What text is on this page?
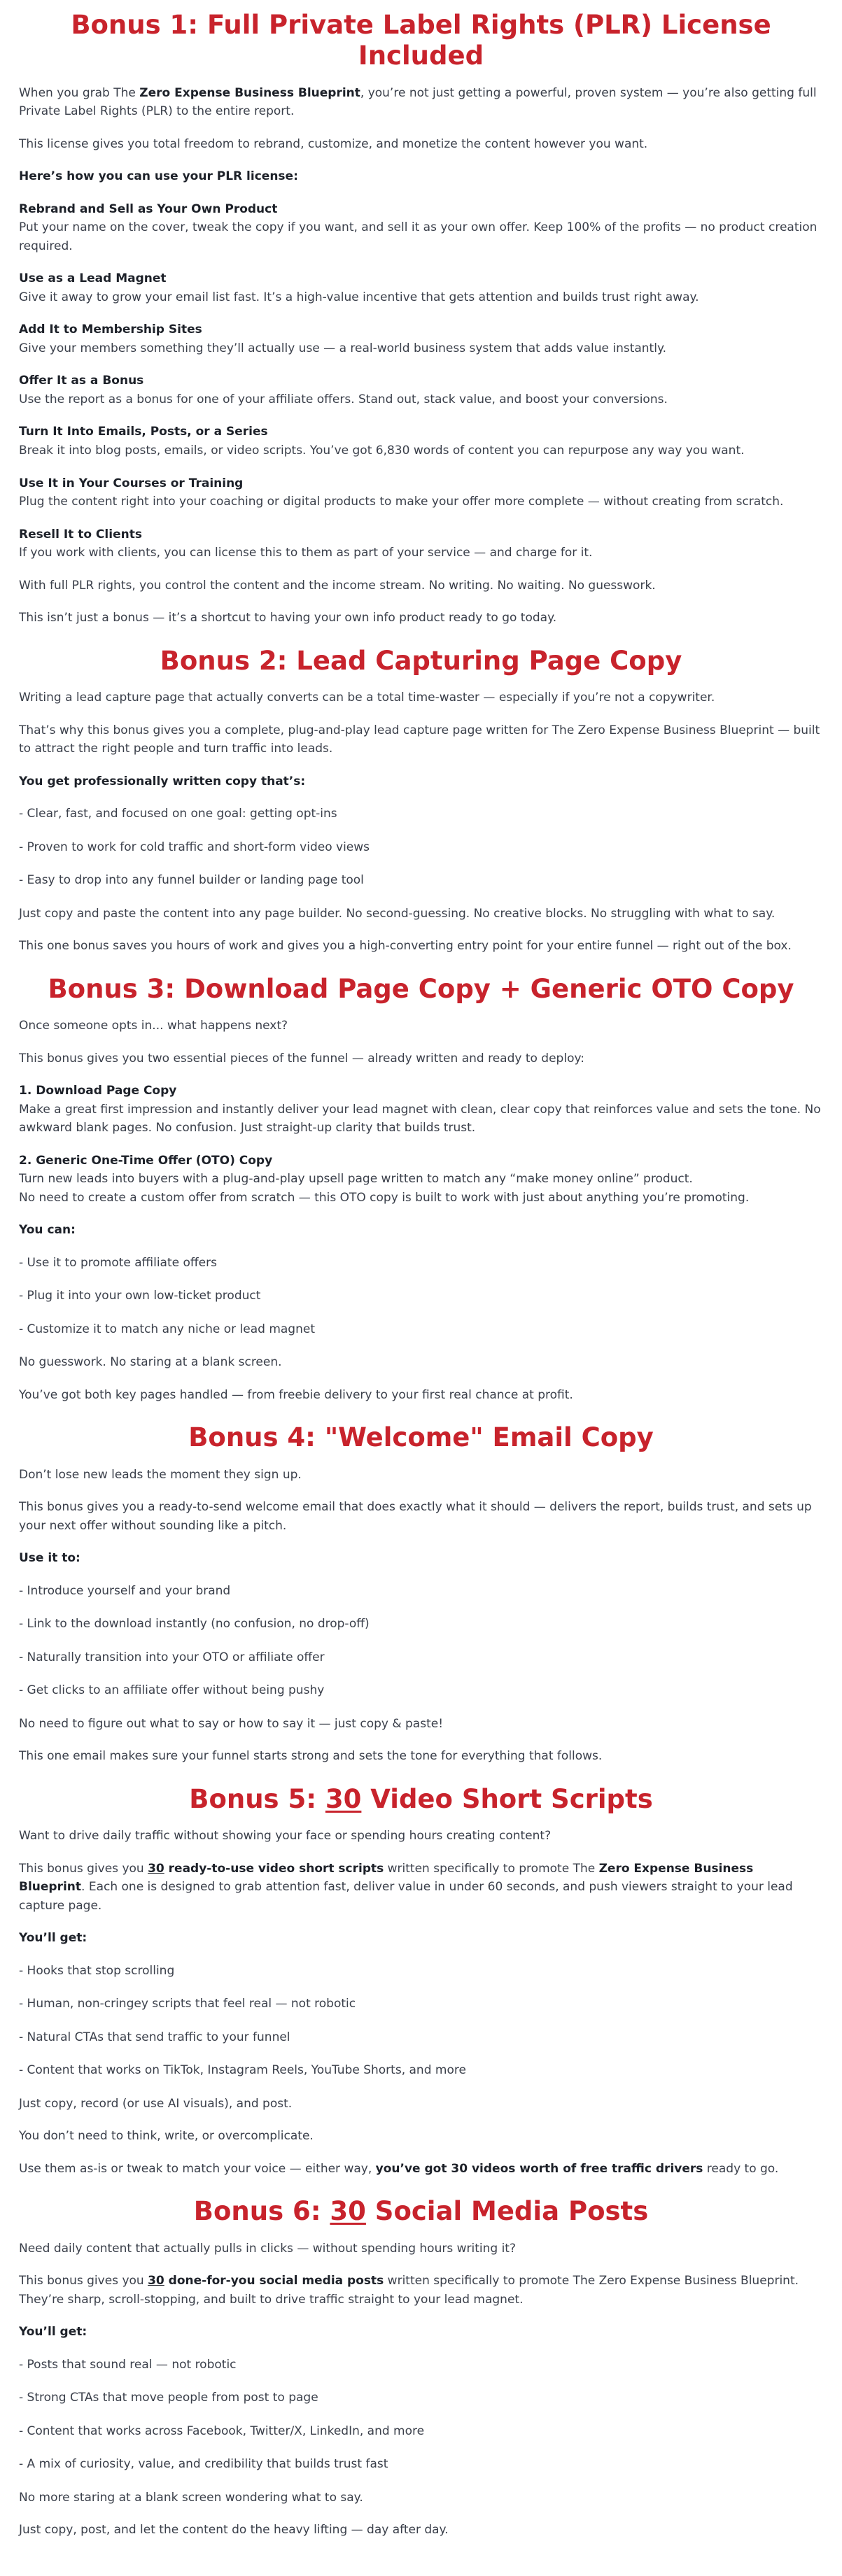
Bonus 1: Full Private Label Rights (PLR) License Included

When you grab The Zero Expense Business Blueprint, you’re not just getting a powerful, proven system — you’re also getting full Private Label Rights (PLR) to the entire report.

This license gives you total freedom to rebrand, customize, and monetize the content however you want.

Here’s how you can use your PLR license:

Rebrand and Sell as Your Own Product
Put your name on the cover, tweak the copy if you want, and sell it as your own offer. Keep 100% of the profits — no product creation required.
Use as a Lead Magnet
Give it away to grow your email list fast. It’s a high-value incentive that gets attention and builds trust right away.
Add It to Membership Sites
Give your members something they’ll actually use — a real-world business system that adds value instantly.
Offer It as a Bonus
Use the report as a bonus for one of your affiliate offers. Stand out, stack value, and boost your conversions.
Turn It Into Emails, Posts, or a Series
Break it into blog posts, emails, or video scripts. You’ve got 6,830 words of content you can repurpose any way you want.
Use It in Your Courses or Training
Plug the content right into your coaching or digital products to make your offer more complete — without creating from scratch.
Resell It to Clients
If you work with clients, you can license this to them as part of your service — and charge for it.

With full PLR rights, you control the content and the income stream. No writing. No waiting. No guesswork.

This isn’t just a bonus — it’s a shortcut to having your own info product ready to go today.

Bonus 2: Lead Capturing Page Copy

Writing a lead capture page that actually converts can be a total time-waster — especially if you’re not a copywriter.

That’s why this bonus gives you a complete, plug-and-play lead capture page written for The Zero Expense Business Blueprint — built to attract the right people and turn traffic into leads.

You get professionally written copy that’s:

- Clear, fast, and focused on one goal: getting opt-ins

- Proven to work for cold traffic and short-form video views

- Easy to drop into any funnel builder or landing page tool

Just copy and paste the content into any page builder. No second-guessing. No creative blocks. No struggling with what to say.

This one bonus saves you hours of work and gives you a high-converting entry point for your entire funnel — right out of the box.

Bonus 3: Download Page Copy + Generic OTO Copy

Once someone opts in... what happens next?

This bonus gives you two essential pieces of the funnel — already written and ready to deploy:

1. Download Page Copy
Make a great first impression and instantly deliver your lead magnet with clean, clear copy that reinforces value and sets the tone. No awkward blank pages. No confusion. Just straight-up clarity that builds trust.
2. Generic One-Time Offer (OTO) Copy
Turn new leads into buyers with a plug-and-play upsell page written to match any “make money online” product.
No need to create a custom offer from scratch — this OTO copy is built to work with just about anything you’re promoting.

You can:

- Use it to promote affiliate offers

- Plug it into your own low-ticket product

- Customize it to match any niche or lead magnet

No guesswork. No staring at a blank screen.

You’ve got both key pages handled — from freebie delivery to your first real chance at profit.

Bonus 4: "Welcome" Email Copy

Don’t lose new leads the moment they sign up.

This bonus gives you a ready-to-send welcome email that does exactly what it should — delivers the report, builds trust, and sets up your next offer without sounding like a pitch.

Use it to:

- Introduce yourself and your brand

- Link to the download instantly (no confusion, no drop-off)

- Naturally transition into your OTO or affiliate offer

- Get clicks to an affiliate offer without being pushy

No need to figure out what to say or how to say it — just copy & paste!

This one email makes sure your funnel starts strong and sets the tone for everything that follows.

Bonus 5: 30 Video Short Scripts

Want to drive daily traffic without showing your face or spending hours creating content?

This bonus gives you 30 ready-to-use video short scripts written specifically to promote The Zero Expense Business Blueprint. Each one is designed to grab attention fast, deliver value in under 60 seconds, and push viewers straight to your lead capture page.

You’ll get:

- Hooks that stop scrolling

- Human, non-cringey scripts that feel real — not robotic

- Natural CTAs that send traffic to your funnel

- Content that works on TikTok, Instagram Reels, YouTube Shorts, and more

Just copy, record (or use AI visuals), and post.

You don’t need to think, write, or overcomplicate.

Use them as-is or tweak to match your voice — either way, you’ve got 30 videos worth of free traffic drivers ready to go.

Bonus 6: 30 Social Media Posts

Need daily content that actually pulls in clicks — without spending hours writing it?

This bonus gives you 30 done-for-you social media posts written specifically to promote The Zero Expense Business Blueprint. They’re sharp, scroll-stopping, and built to drive traffic straight to your lead magnet.

You’ll get:

- Posts that sound real — not robotic

- Strong CTAs that move people from post to page

- Content that works across Facebook, Twitter/X, LinkedIn, and more

- A mix of curiosity, value, and credibility that builds trust fast

No more staring at a blank screen wondering what to say.

Just copy, post, and let the content do the heavy lifting — day after day.
